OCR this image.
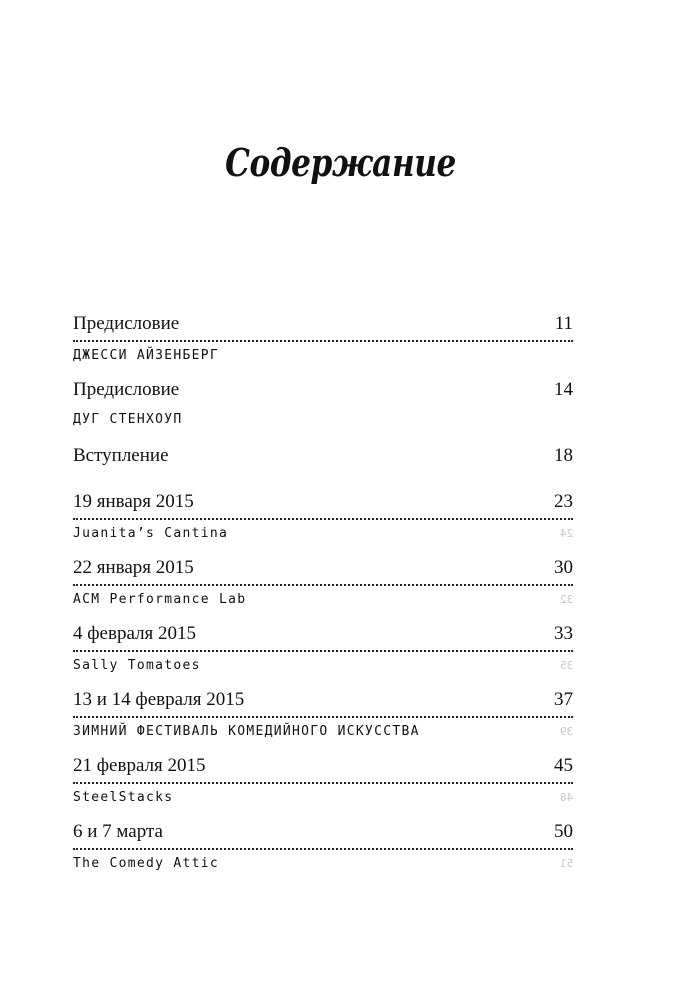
Содержание
Предисловие	11
ДЖЕССИ АЙЗЕНБЕРГ
Предисловие	14
ДУГ СТЕНХОУП
Вступление	18
19 января 2015	23
Juanita’s Cantina	24
22 января 2015	30
ACM Performance Lab	32
4 февраля 2015	33
Sally Tomatoes	35
13 и 14 февраля 2015	37
ЗИМНИЙ ФЕСТИВАЛЬ КОМЕДИЙНОГО ИСКУССТВА	39
21 февраля 2015	45
SteelStacks	48
6 и 7 марта	50
The Comedy Attic	51
